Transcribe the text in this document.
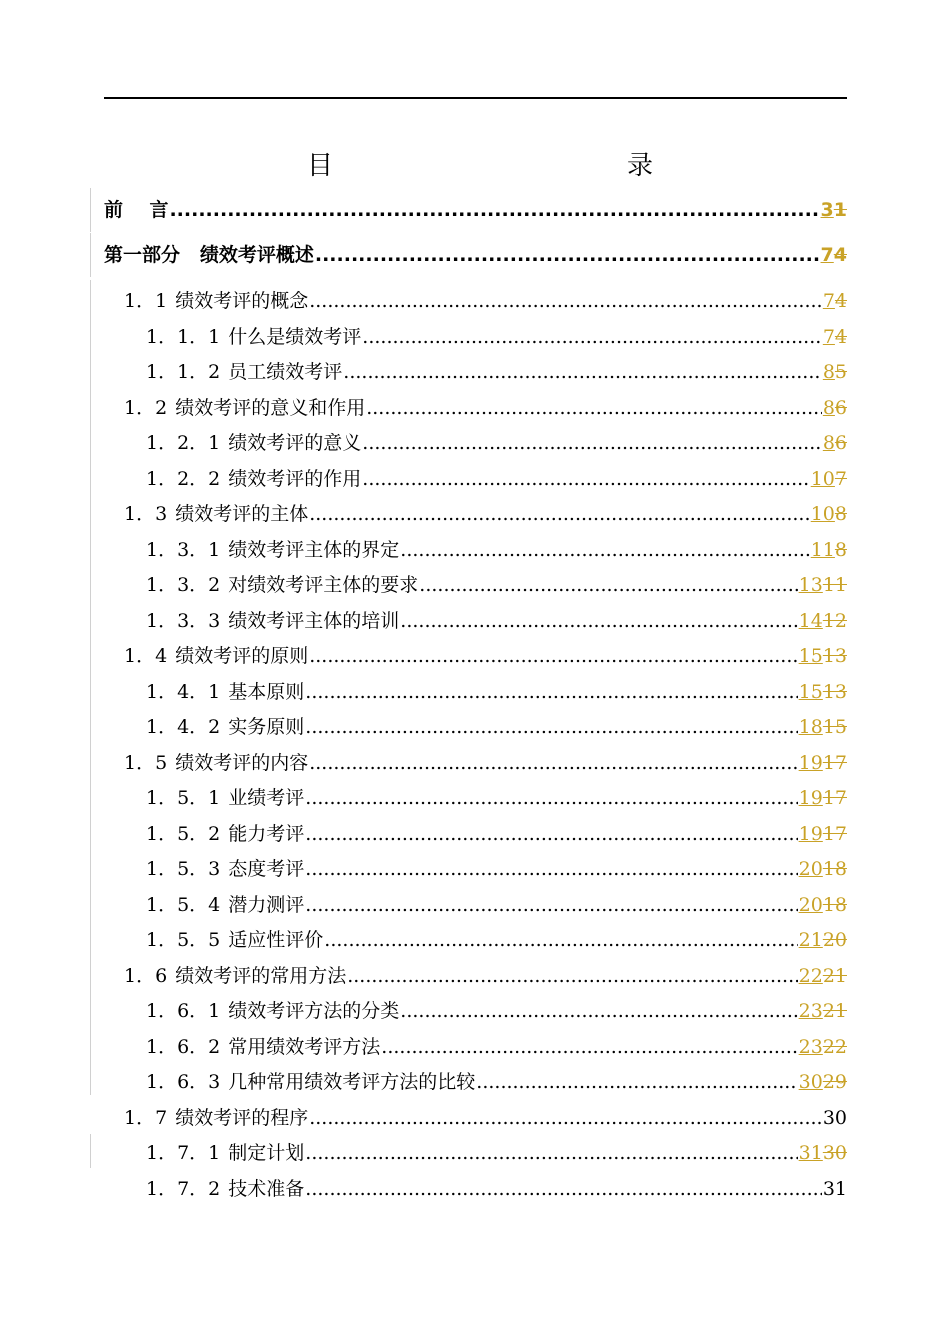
目	录
前    言 .....	31
第一部分   绩效考评概述 .....	74
1．1 绩效考评的概念 .....	74
1．1．1 什么是绩效考评 .....	74
1．1．2 员工绩效考评 .....	85
1．2 绩效考评的意义和作用 .....	86
1．2．1 绩效考评的意义 .....	86
1．2．2 绩效考评的作用 .....	107
1．3 绩效考评的主体 .....	108
1．3．1 绩效考评主体的界定 .....	118
1．3．2 对绩效考评主体的要求 .....	1311
1．3．3 绩效考评主体的培训 .....	1412
1．4 绩效考评的原则 .....	1513
1．4．1 基本原则 .....	1513
1．4．2 实务原则 .....	1815
1．5 绩效考评的内容 .....	1917
1．5．1 业绩考评 .....	1917
1．5．2 能力考评 .....	1917
1．5．3 态度考评 .....	2018
1．5．4 潜力测评 .....	2018
1．5．5 适应性评价 .....	2120
1．6 绩效考评的常用方法 .....	2221
1．6．1 绩效考评方法的分类 .....	2321
1．6．2 常用绩效考评方法 .....	2322
1．6．3 几种常用绩效考评方法的比较 .....	3029
1．7 绩效考评的程序 .....	30
1．7．1 制定计划 .....	3130
1．7．2 技术准备 .....	31
